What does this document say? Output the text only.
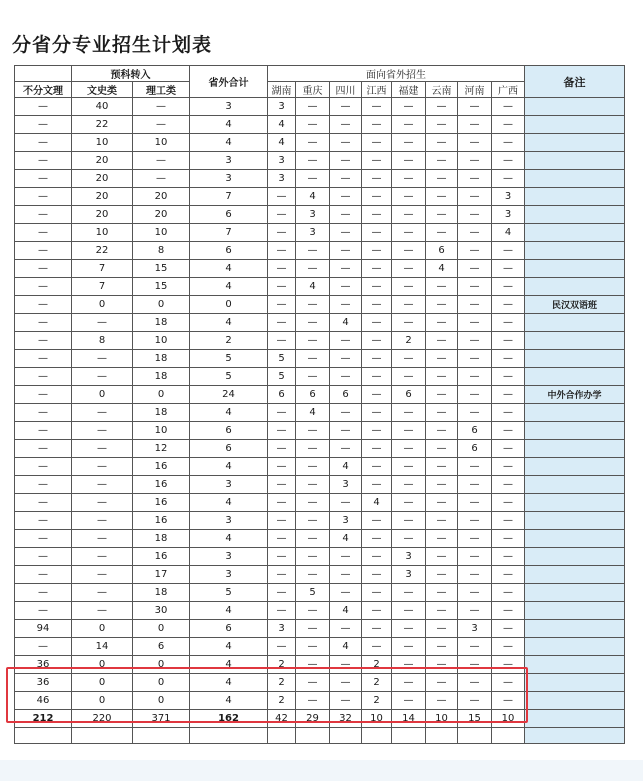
分省分专业招生计划表
	预科转入		省外合计	面向省外招生								备注
不分文理	文史类	理工类		湖南	重庆	四川	江西	福建	云南	河南	广西	
—	40	—	3	3	—	—	—	—	—	—	—	
—	22	—	4	4	—	—	—	—	—	—	—	
—	10	10	4	4	—	—	—	—	—	—	—	
—	20	—	3	3	—	—	—	—	—	—	—	
—	20	—	3	3	—	—	—	—	—	—	—	
—	20	20	7	—	4	—	—	—	—	—	3	
—	20	20	6	—	3	—	—	—	—	—	3	
—	10	10	7	—	3	—	—	—	—	—	4	
—	22	8	6	—	—	—	—	—	6	—	—	
—	7	15	4	—	—	—	—	—	4	—	—	
—	7	15	4	—	4	—	—	—	—	—	—	
—	0	0	0	—	—	—	—	—	—	—	—	民汉双语班
—	—	18	4	—	—	4	—	—	—	—	—	
—	8	10	2	—	—	—	—	2	—	—	—	
—	—	18	5	5	—	—	—	—	—	—	—	
—	—	18	5	5	—	—	—	—	—	—	—	
—	0	0	24	6	6	6	—	6	—	—	—	中外合作办学
—	—	18	4	—	4	—	—	—	—	—	—	
—	—	10	6	—	—	—	—	—	—	6	—	
—	—	12	6	—	—	—	—	—	—	6	—	
—	—	16	4	—	—	4	—	—	—	—	—	
—	—	16	3	—	—	3	—	—	—	—	—	
—	—	16	4	—	—	—	4	—	—	—	—	
—	—	16	3	—	—	3	—	—	—	—	—	
—	—	18	4	—	—	4	—	—	—	—	—	
—	—	16	3	—	—	—	—	3	—	—	—	
—	—	17	3	—	—	—	—	3	—	—	—	
—	—	18	5	—	5	—	—	—	—	—	—	
—	—	30	4	—	—	4	—	—	—	—	—	
94	0	0	6	3	—	—	—	—	—	3	—	
—	14	6	4	—	—	4	—	—	—	—	—	
36	0	0	4	2	—	—	2	—	—	—	—	
36	0	0	4	2	—	—	2	—	—	—	—	
46	0	0	4	2	—	—	2	—	—	—	—	
212	220	371	162	42	29	32	10	14	10	15	10	
